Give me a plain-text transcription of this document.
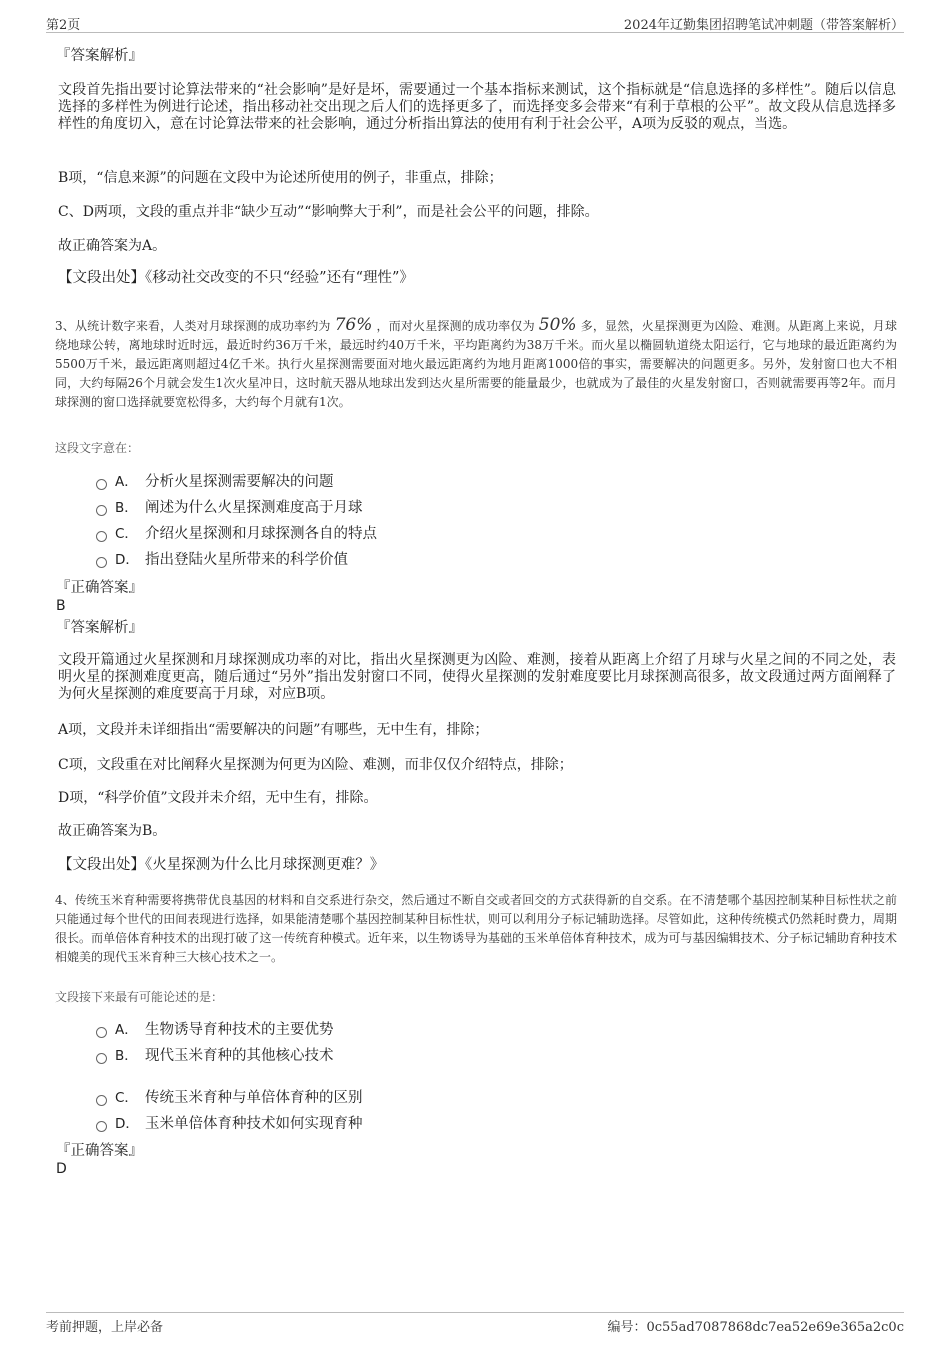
第2页	2024年辽勤集团招聘笔试冲刺题（带答案解析）
『答案解析』
文段首先指出要讨论算法带来的“社会影响”是好是坏，需要通过一个基本指标来测试，这个指标就是“信息选择的多样性”。随后以信息选择的多样性为例进行论述，指出移动社交出现之后人们的选择更多了，而选择变多会带来“有利于草根的公平”。故文段从信息选择多样性的角度切入，意在讨论算法带来的社会影响，通过分析指出算法的使用有利于社会公平，A项为反驳的观点，当选。
B项，“信息来源”的问题在文段中为论述所使用的例子，非重点，排除；
C、D两项，文段的重点并非“缺少互动”“影响弊大于利”，而是社会公平的问题，排除。
故正确答案为A。
【文段出处】《移动社交改变的不只“经验”还有“理性”》
3、从统计数字来看，人类对月球探测的成功率约为 76% ，而对火星探测的成功率仅为 50% 多，显然，火星探测更为凶险、难测。从距离上来说，月球绕地球公转，离地球时近时远，最近时约36万千米，最远时约40万千米，平均距离约为38万千米。而火星以椭圆轨道绕太阳运行，它与地球的最近距离约为5500万千米，最远距离则超过4亿千米。执行火星探测需要面对地火最远距离约为地月距离1000倍的事实，需要解决的问题更多。另外，发射窗口也大不相同，大约每隔26个月就会发生1次火星冲日，这时航天器从地球出发到达火星所需要的能量最少，也就成为了最佳的火星发射窗口，否则就需要再等2年。而月球探测的窗口选择就要宽松得多，大约每个月就有1次。
这段文字意在：
A． 分析火星探测需要解决的问题
B． 阐述为什么火星探测难度高于月球
C． 介绍火星探测和月球探测各自的特点
D． 指出登陆火星所带来的科学价值
『正确答案』
B
『答案解析』
文段开篇通过火星探测和月球探测成功率的对比，指出火星探测更为凶险、难测，接着从距离上介绍了月球与火星之间的不同之处，表明火星的探测难度更高，随后通过“另外”指出发射窗口不同，使得火星探测的发射难度要比月球探测高很多，故文段通过两方面阐释了为何火星探测的难度要高于月球，对应B项。
A项，文段并未详细指出“需要解决的问题”有哪些，无中生有，排除；
C项，文段重在对比阐释火星探测为何更为凶险、难测，而非仅仅介绍特点，排除；
D项，“科学价值”文段并未介绍，无中生有，排除。
故正确答案为B。
【文段出处】《火星探测为什么比月球探测更难？》
4、传统玉米育种需要将携带优良基因的材料和自交系进行杂交，然后通过不断自交或者回交的方式获得新的自交系。在不清楚哪个基因控制某种目标性状之前只能通过每个世代的田间表现进行选择，如果能清楚哪个基因控制某种目标性状，则可以利用分子标记辅助选择。尽管如此，这种传统模式仍然耗时费力，周期很长。而单倍体育种技术的出现打破了这一传统育种模式。近年来，以生物诱导为基础的玉米单倍体育种技术，成为可与基因编辑技术、分子标记辅助育种技术相媲美的现代玉米育种三大核心技术之一。
文段接下来最有可能论述的是：
A． 生物诱导育种技术的主要优势
B． 现代玉米育种的其他核心技术
C． 传统玉米育种与单倍体育种的区别
D． 玉米单倍体育种技术如何实现育种
『正确答案』
D
考前押题，上岸必备	编号：0c55ad7087868dc7ea52e69e365a2c0c
